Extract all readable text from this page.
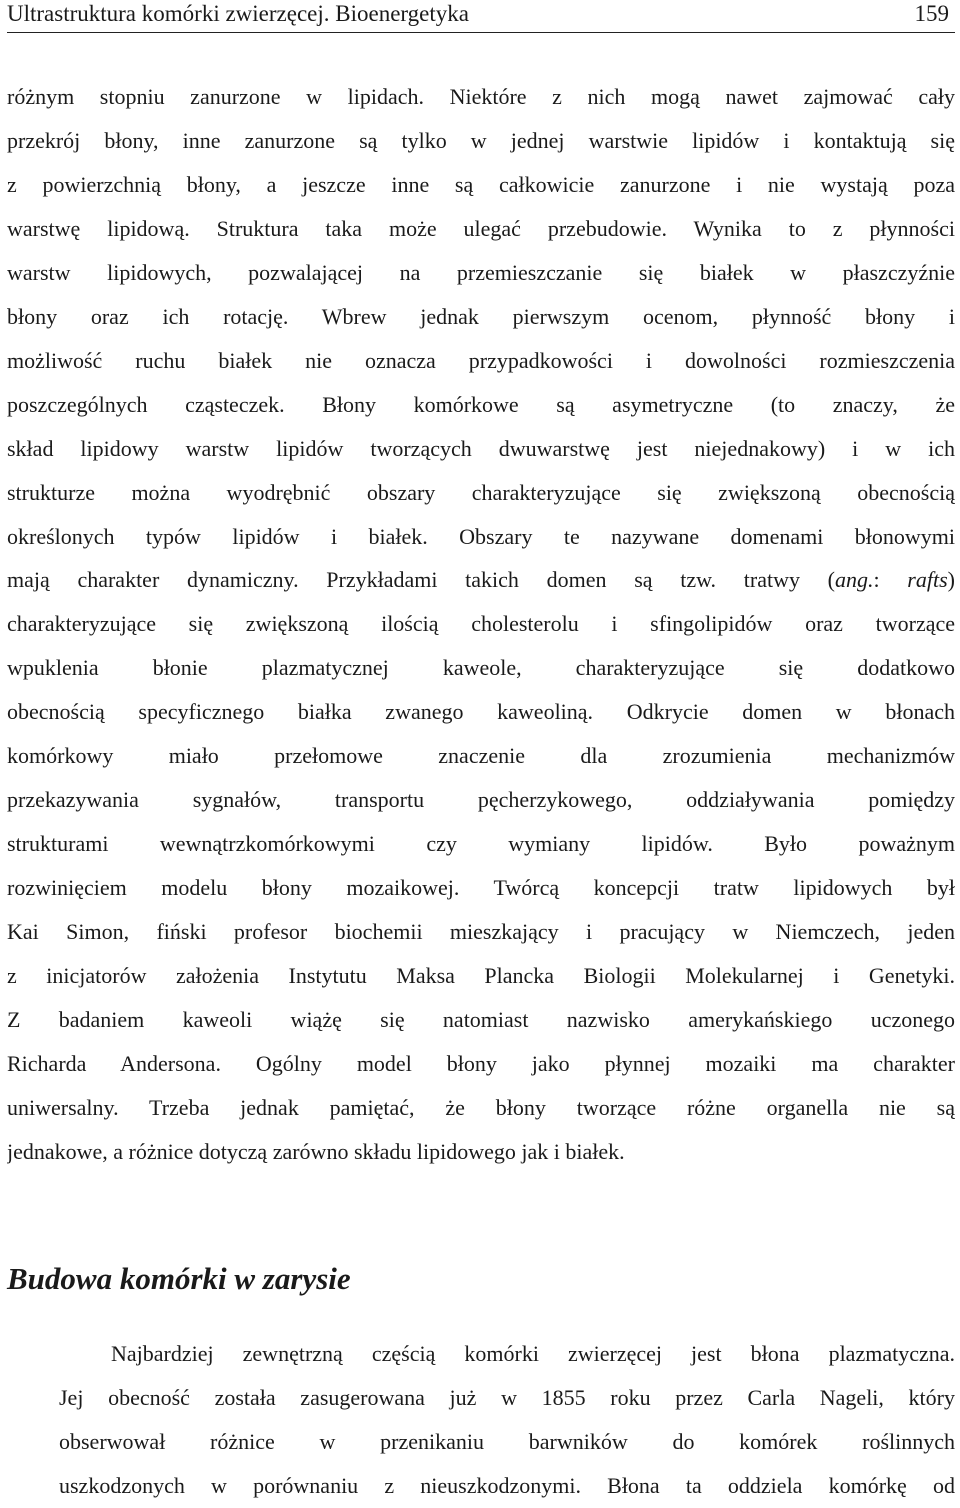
Ultrastruktura komórki zwierzęcej. Bioenergetyka	159
różnym stopniu zanurzone w lipidach. Niektóre z nich mogą nawet zajmować cały
przekrój błony, inne zanurzone są tylko w jednej warstwie lipidów i kontaktują się
z powierzchnią błony, a jeszcze inne są całkowicie zanurzone i nie wystają poza
warstwę lipidową. Struktura taka może ulegać przebudowie. Wynika to z płynności
warstw lipidowych, pozwalającej na przemieszczanie się białek w płaszczyźnie
błony oraz ich rotację. Wbrew jednak pierwszym ocenom, płynność błony i
możliwość ruchu białek nie oznacza przypadkowości i dowolności rozmieszczenia
poszczególnych cząsteczek. Błony komórkowe są asymetryczne (to znaczy, że
skład lipidowy warstw lipidów tworzących dwuwarstwę jest niejednakowy) i w ich
strukturze można wyodrębnić obszary charakteryzujące się zwiększoną obecnością
określonych typów lipidów i białek. Obszary te nazywane domenami błonowymi
mają charakter dynamiczny. Przykładami takich domen są tzw. tratwy (ang.: rafts)
charakteryzujące się zwiększoną ilością cholesterolu i sfingolipidów oraz tworzące
wpuklenia błonie plazmatycznej kaweole, charakteryzujące się dodatkowo
obecnością specyficznego białka zwanego kaweoliną. Odkrycie domen w błonach
komórkowy miało przełomowe znaczenie dla zrozumienia mechanizmów
przekazywania sygnałów, transportu pęcherzykowego, oddziaływania pomiędzy
strukturami wewnątrzkomórkowymi czy wymiany lipidów. Było poważnym
rozwinięciem modelu błony mozaikowej. Twórcą koncepcji tratw lipidowych był
Kai Simon, fiński profesor biochemii mieszkający i pracujący w Niemczech, jeden
z inicjatorów założenia Instytutu Maksa Plancka Biologii Molekularnej i Genetyki.
Z badaniem kaweoli wiążę się natomiast nazwisko amerykańskiego uczonego
Richarda Andersona. Ogólny model błony jako płynnej mozaiki ma charakter
uniwersalny. Trzeba jednak pamiętać, że błony tworzące różne organella nie są
jednakowe, a różnice dotyczą zarówno składu lipidowego jak i białek.
Budowa komórki w zarysie
Najbardziej zewnętrzną częścią komórki zwierzęcej jest błona plazmatyczna.
Jej obecność została zasugerowana już w 1855 roku przez Carla Nageli, który
obserwował różnice w przenikaniu barwników do komórek roślinnych
uszkodzonych w porównaniu z nieuszkodzonymi. Błona ta oddziela komórkę od
